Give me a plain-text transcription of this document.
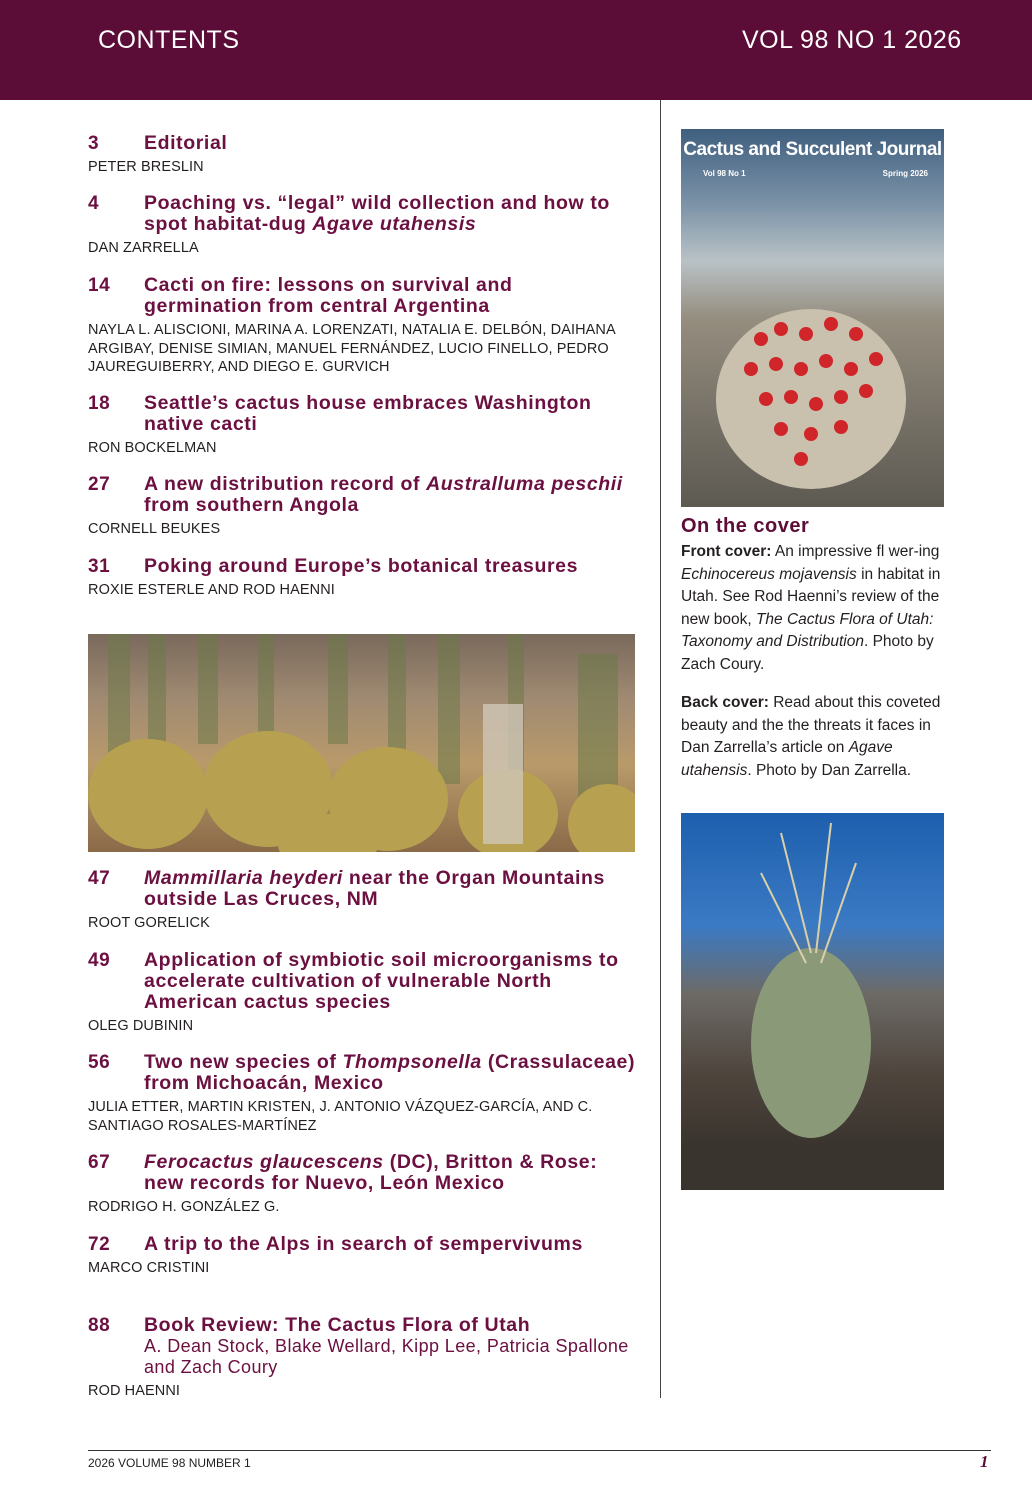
CONTENTS	VOL 98 NO 1 2026
3 Editorial
PETER BRESLIN
4 Poaching vs. “legal” wild collection and how to spot habitat-dug Agave utahensis
DAN ZARRELLA
14 Cacti on fire: lessons on survival and germination from central Argentina
NAYLA L. ALISCIONI, MARINA A. LORENZATI, NATALIA E. DELBÓN, DAIHANA ARGIBAY, DENISE SIMIAN, MANUEL FERNÁNDEZ, LUCIO FINELLO, PEDRO JAUREGUIBERRY, AND DIEGO E. GURVICH
18 Seattle’s cactus house embraces Washington native cacti
RON BOCKELMAN
27 A new distribution record of Australluma peschii from southern Angola
CORNELL BEUKES
31 Poking around Europe’s botanical treasures
ROXIE ESTERLE AND ROD HAENNI
47 Mammillaria heyderi near the Organ Mountains outside Las Cruces, NM
ROOT GORELICK
49 Application of symbiotic soil microorganisms to accelerate cultivation of vulnerable North American cactus species
OLEG DUBININ
56 Two new species of Thompsonella (Crassulaceae) from Michoacán, Mexico
JULIA ETTER, MARTIN KRISTEN, J. ANTONIO VÁZQUEZ-GARCÍA, AND C. SANTIAGO ROSALES-MARTÍNEZ
67 Ferocactus glaucescens (DC), Britton & Rose: new records for Nuevo, León Mexico
RODRIGO H. GONZÁLEZ G.
72 A trip to the Alps in search of sempervivums
MARCO CRISTINI
88 Book Review: The Cactus Flora of Utah
A. Dean Stock, Blake Wellard, Kipp Lee, Patricia Spallone and Zach Coury
ROD HAENNI
Cactus and Succulent Journal
Vol 98 No 1	Spring 2026
On the cover
Front cover: An impressive fl wer-ing Echinocereus mojavensis in habitat in Utah. See Rod Haenni’s review of the new book, The Cactus Flora of Utah: Taxonomy and Distribution. Photo by Zach Coury.
Back cover: Read about this coveted beauty and the the threats it faces in Dan Zarrella’s article on Agave utahensis. Photo by Dan Zarrella.
2026 VOLUME 98 NUMBER 1	1
